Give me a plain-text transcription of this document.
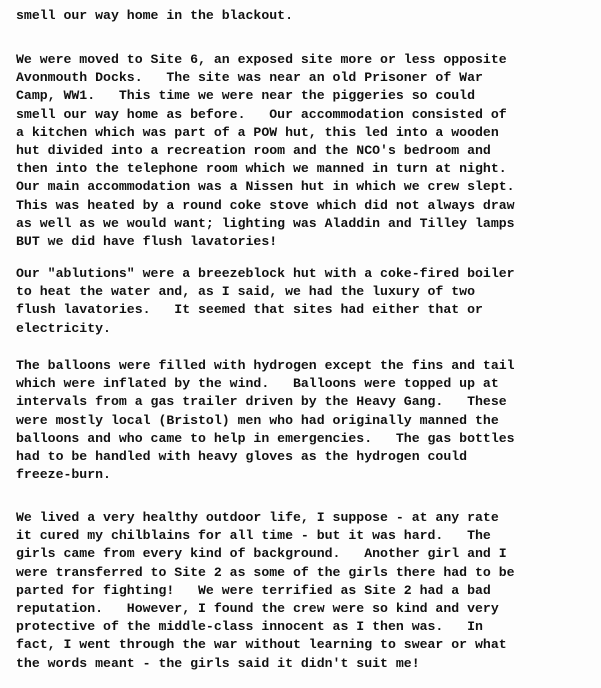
smell our way home in the blackout.
We were moved to Site 6, an exposed site more or less opposite
Avonmouth Docks.   The site was near an old Prisoner of War
Camp, WW1.   This time we were near the piggeries so could
smell our way home as before.   Our accommodation consisted of
a kitchen which was part of a POW hut, this led into a wooden
hut divided into a recreation room and the NCO's bedroom and
then into the telephone room which we manned in turn at night.
Our main accommodation was a Nissen hut in which we crew slept.
This was heated by a round coke stove which did not always draw
as well as we would want; lighting was Aladdin and Tilley lamps
BUT we did have flush lavatories!
Our "ablutions" were a breezeblock hut with a coke-fired boiler
to heat the water and, as I said, we had the luxury of two
flush lavatories.   It seemed that sites had either that or
electricity.
The balloons were filled with hydrogen except the fins and tail
which were inflated by the wind.   Balloons were topped up at
intervals from a gas trailer driven by the Heavy Gang.   These
were mostly local (Bristol) men who had originally manned the
balloons and who came to help in emergencies.   The gas bottles
had to be handled with heavy gloves as the hydrogen could
freeze-burn.
We lived a very healthy outdoor life, I suppose - at any rate
it cured my chilblains for all time - but it was hard.   The
girls came from every kind of background.   Another girl and I
were transferred to Site 2 as some of the girls there had to be
parted for fighting!   We were terrified as Site 2 had a bad
reputation.   However, I found the crew were so kind and very
protective of the middle-class innocent as I then was.   In
fact, I went through the war without learning to swear or what
the words meant - the girls said it didn't suit me!
